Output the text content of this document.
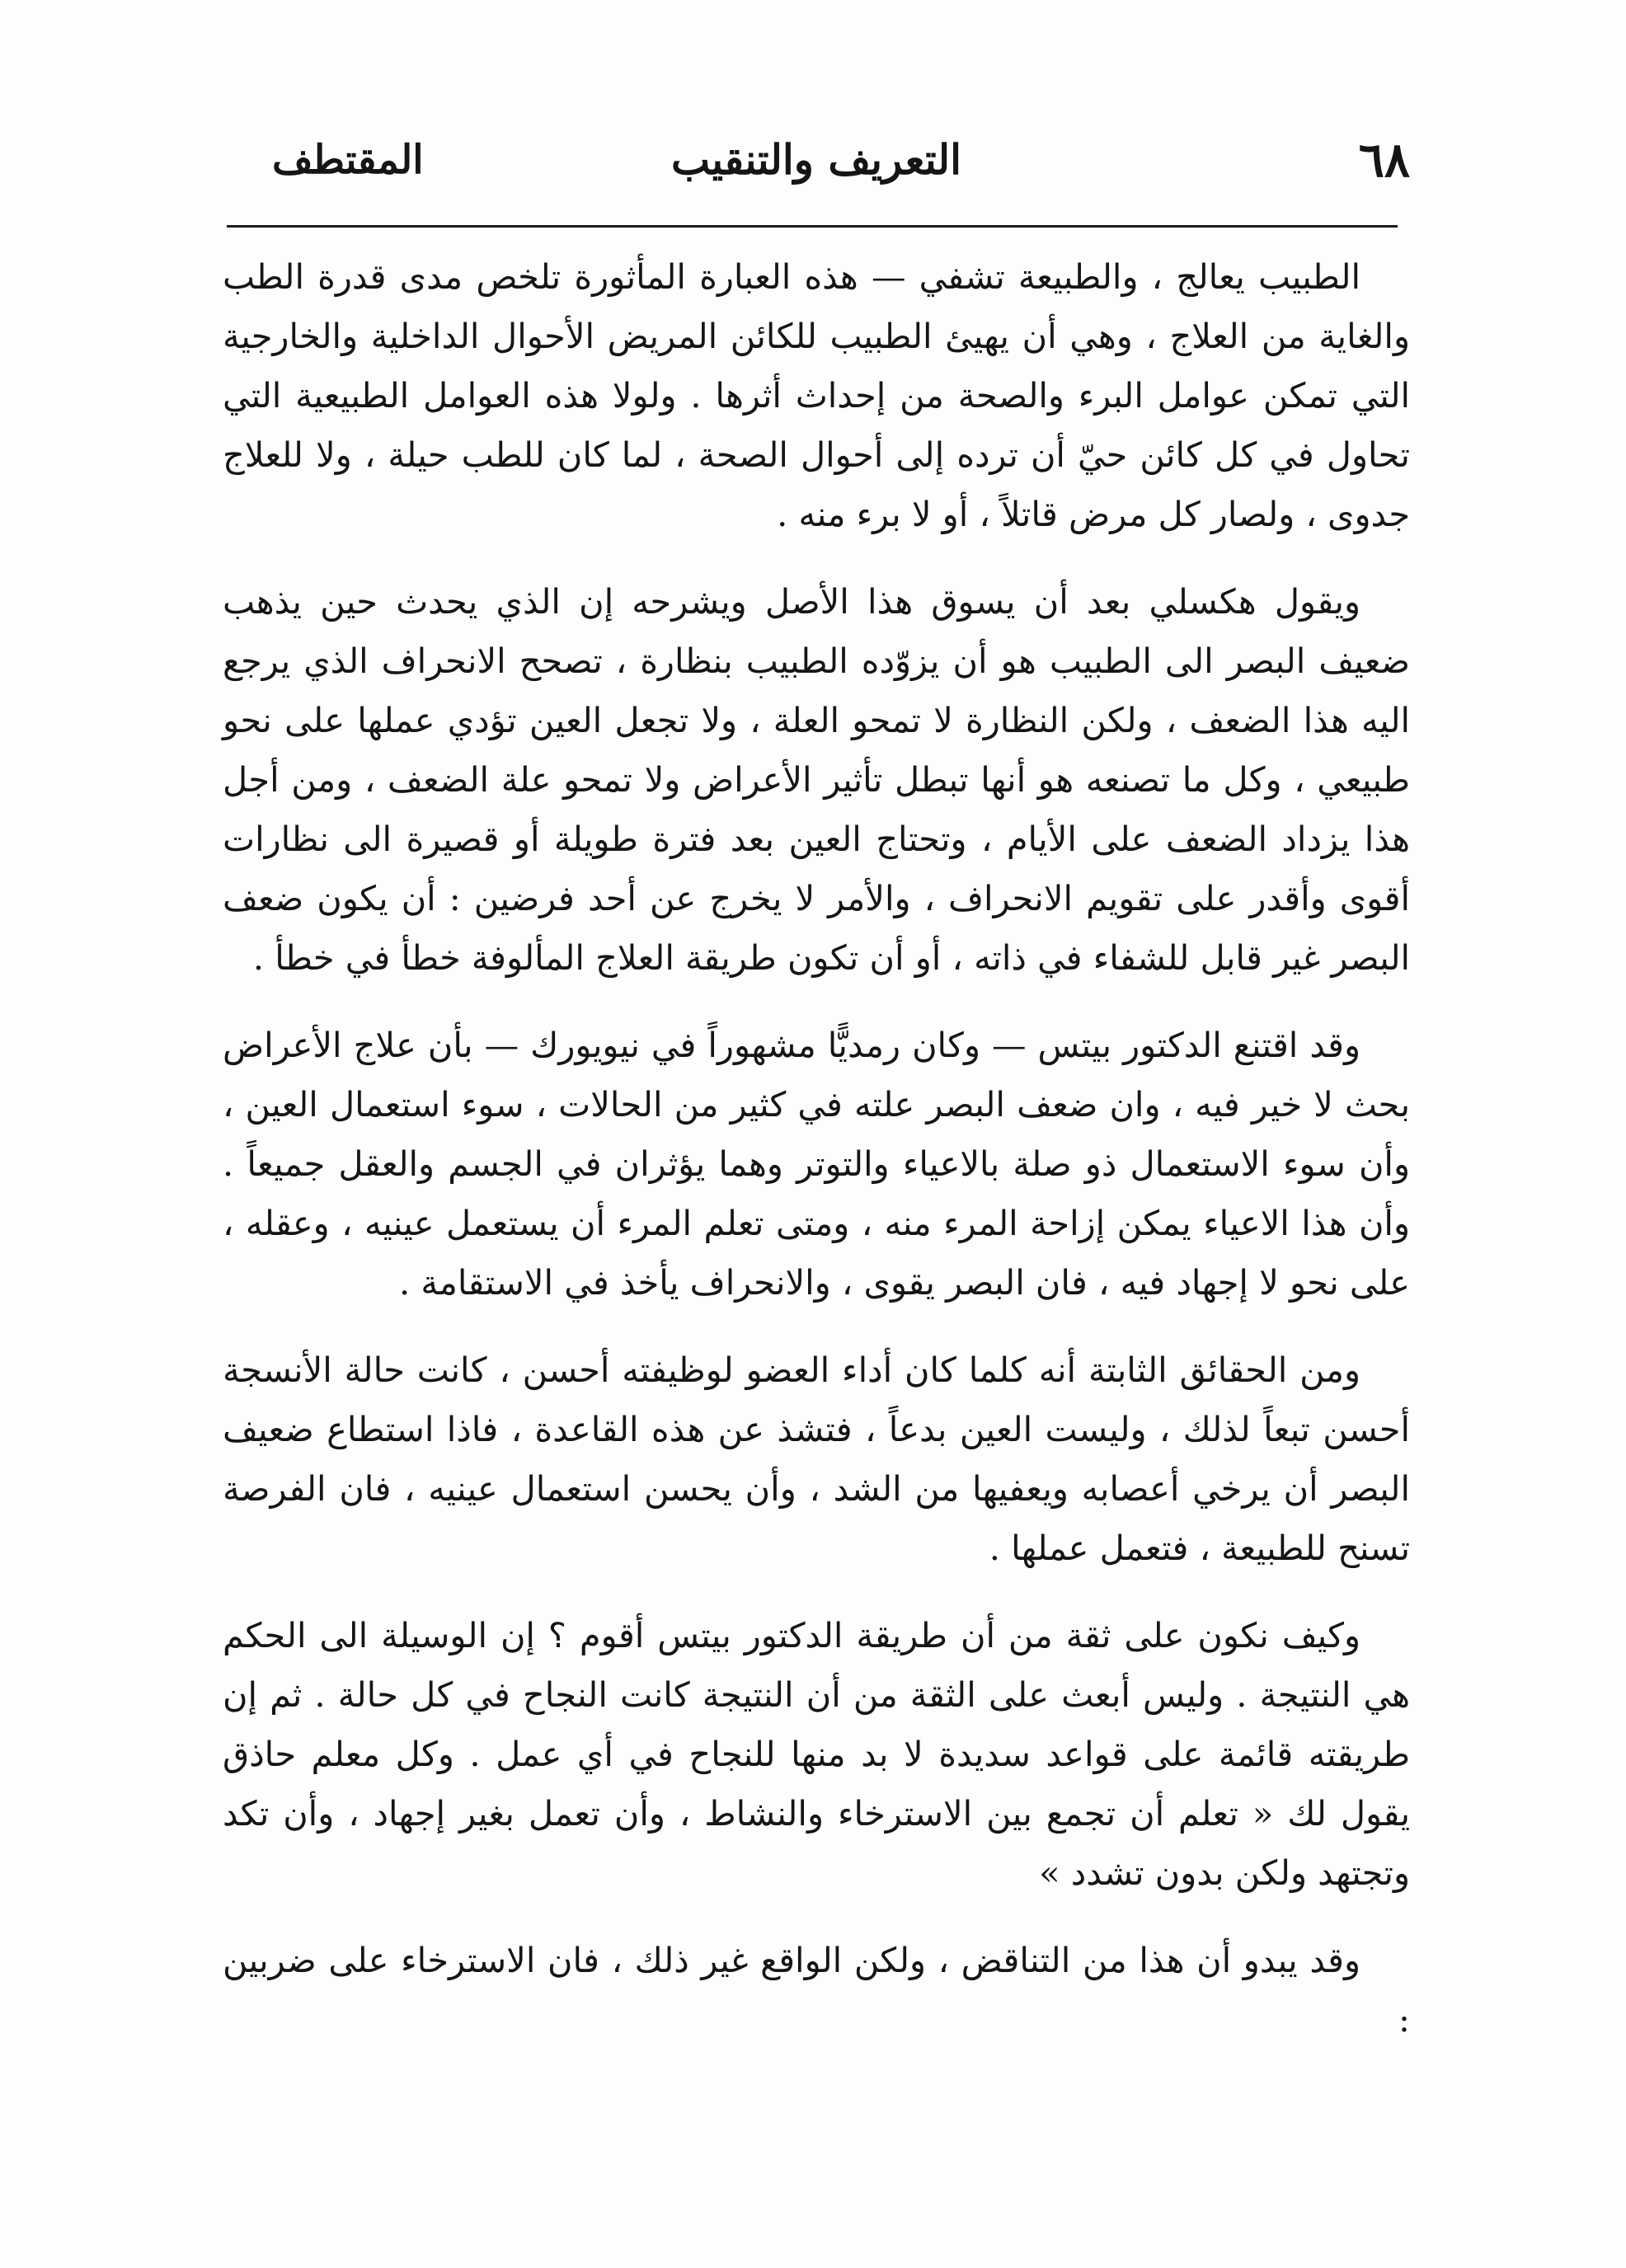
٦٨
التعريف والتنقيب
المقتطف

الطبيب يعالج ، والطبيعة تشفي — هذه العبارة المأثورة تلخص مدى قدرة الطب والغاية من العلاج ، وهي أن يهيئ الطبيب للكائن المريض الأحوال الداخلية والخارجية التي تمكن عوامل البرء والصحة من إحداث أثرها . ولولا هذه العوامل الطبيعية التي تحاول في كل كائن حيّ أن ترده إلى أحوال الصحة ، لما كان للطب حيلة ، ولا للعلاج جدوى ، ولصار كل مرض قاتلاً ، أو لا برء منه .

ويقول هكسلي بعد أن يسوق هذا الأصل ويشرحه إن الذي يحدث حين يذهب ضعيف البصر الى الطبيب هو أن يزوّده الطبيب بنظارة ، تصحح الانحراف الذي يرجع اليه هذا الضعف ، ولكن النظارة لا تمحو العلة ، ولا تجعل العين تؤدي عملها على نحو طبيعي ، وكل ما تصنعه هو أنها تبطل تأثير الأعراض ولا تمحو علة الضعف ، ومن أجل هذا يزداد الضعف على الأيام ، وتحتاج العين بعد فترة طويلة أو قصيرة الى نظارات أقوى وأقدر على تقويم الانحراف ، والأمر لا يخرج عن أحد فرضين : أن يكون ضعف البصر غير قابل للشفاء في ذاته ، أو أن تكون طريقة العلاج المألوفة خطأ في خطأ .

وقد اقتنع الدكتور بيتس — وكان رمديًّا مشهوراً في نيويورك — بأن علاج الأعراض بحث لا خير فيه ، وان ضعف البصر علته في كثير من الحالات ، سوء استعمال العين ، وأن سوء الاستعمال ذو صلة بالاعياء والتوتر وهما يؤثران في الجسم والعقل جميعاً . وأن هذا الاعياء يمكن إزاحة المرء منه ، ومتى تعلم المرء أن يستعمل عينيه ، وعقله ، على نحو لا إجهاد فيه ، فان البصر يقوى ، والانحراف يأخذ في الاستقامة .

ومن الحقائق الثابتة أنه كلما كان أداء العضو لوظيفته أحسن ، كانت حالة الأنسجة أحسن تبعاً لذلك ، وليست العين بدعاً ، فتشذ عن هذه القاعدة ، فاذا استطاع ضعيف البصر أن يرخي أعصابه ويعفيها من الشد ، وأن يحسن استعمال عينيه ، فان الفرصة تسنح للطبيعة ، فتعمل عملها .

وكيف نكون على ثقة من أن طريقة الدكتور بيتس أقوم ؟ إن الوسيلة الى الحكم هي النتيجة . وليس أبعث على الثقة من أن النتيجة كانت النجاح في كل حالة . ثم إن طريقته قائمة على قواعد سديدة لا بد منها للنجاح في أي عمل . وكل معلم حاذق يقول لك « تعلم أن تجمع بين الاسترخاء والنشاط ، وأن تعمل بغير إجهاد ، وأن تكد وتجتهد ولكن بدون تشدد »

وقد يبدو أن هذا من التناقض ، ولكن الواقع غير ذلك ، فان الاسترخاء على ضربين :
